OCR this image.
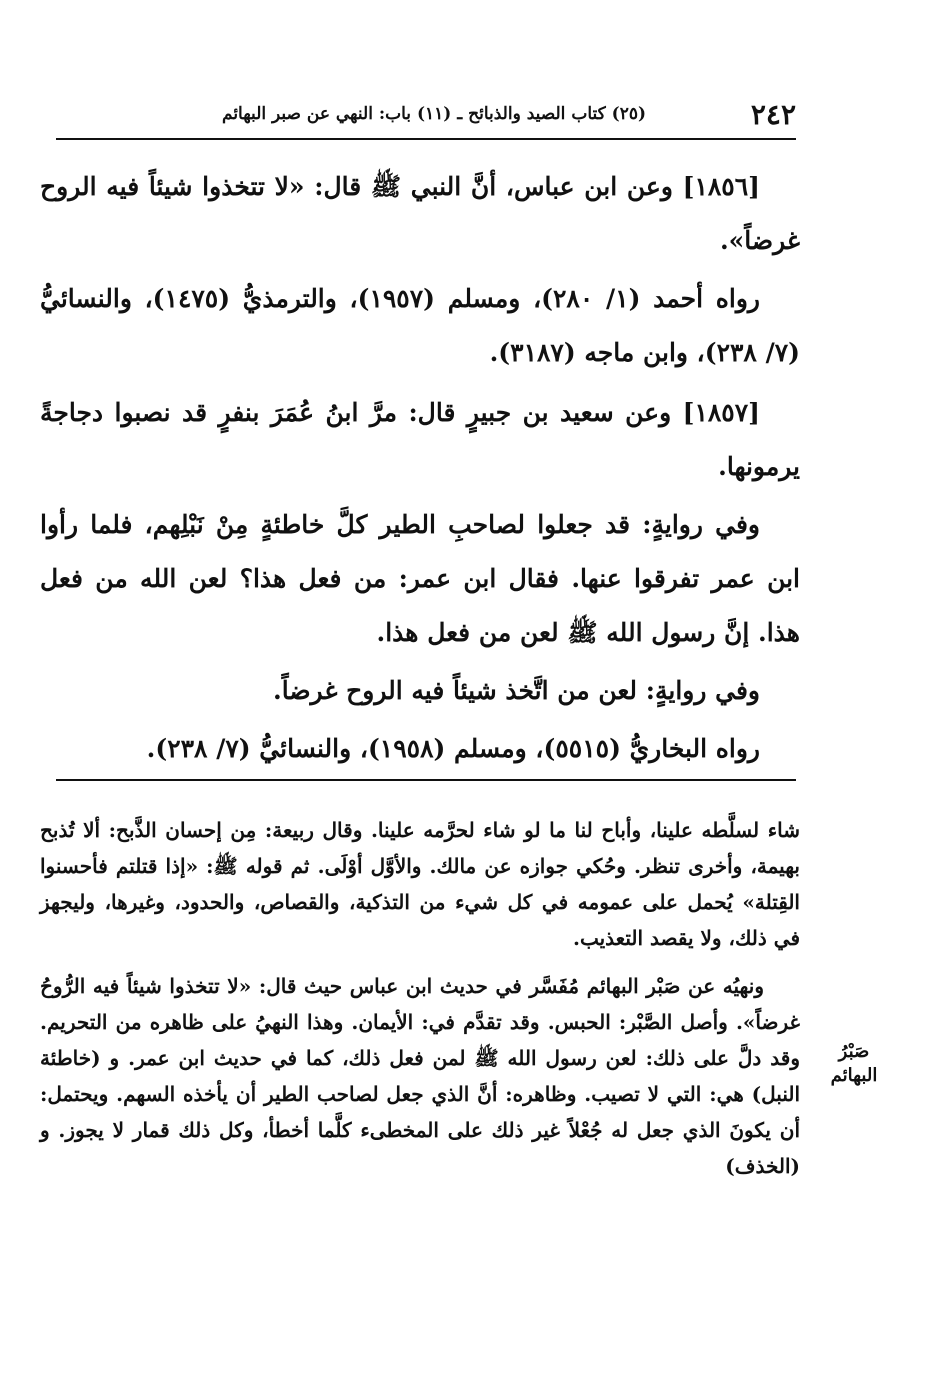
٢٤٢
(٢٥) كتاب الصيد والذبائح ـ (١١) باب: النهي عن صبر البهائم

[١٨٥٦] وعن ابن عباس، أنَّ النبي ﷺ قال: «لا تتخذوا شيئاً فيه الروح غرضاً».

رواه أحمد (١/ ٢٨٠)، ومسلم (١٩٥٧)، والترمذيُّ (١٤٧٥)، والنسائيُّ (٧/ ٢٣٨)، وابن ماجه (٣١٨٧).

[١٨٥٧] وعن سعيد بن جبيرٍ قال: مرَّ ابنُ عُمَرَ بنفرٍ قد نصبوا دجاجةً يرمونها.

وفي روايةٍ: قد جعلوا لصاحبِ الطير كلَّ خاطئةٍ مِنْ نَبْلِهم، فلما رأوا ابن عمر تفرقوا عنها. فقال ابن عمر: من فعل هذا؟ لعن الله من فعل هذا. إنَّ رسول الله ﷺ لعن من فعل هذا.

وفي روايةٍ: لعن من اتَّخذ شيئاً فيه الروح غرضاً.

رواه البخاريُّ (٥٥١٥)، ومسلم (١٩٥٨)، والنسائيُّ (٧/ ٢٣٨).

شاء لسلَّطه علينا، وأباح لنا ما لو شاء لحرَّمه علينا. وقال ربيعة: مِن إحسان الذَّبح: ألا تُذبح بهيمة، وأخرى تنظر. وحُكي جوازه عن مالك. والأوَّل أوْلَى. ثم قوله ﷺ: «إذا قتلتم فأحسنوا القِتلة» يُحمل على عمومه في كل شيء من التذكية، والقصاص، والحدود، وغيرها، وليجهز في ذلك، ولا يقصد التعذيب.

ونهيُه عن صَبْر البهائم مُفَسَّر في حديث ابن عباس حيث قال: «لا تتخذوا شيئاً فيه الرُّوحُ غرضاً». وأصل الصَّبْر: الحبس. وقد تقدَّم في: الأيمان. وهذا النهيُ على ظاهره من التحريم. وقد دلَّ على ذلك: لعن رسول الله ﷺ لمن فعل ذلك، كما في حديث ابن عمر. و (خاطئة النبل) هي: التي لا تصيب. وظاهره: أنَّ الذي جعل لصاحب الطير أن يأخذه السهم. ويحتمل: أن يكونَ الذي جعل له جُعْلاً غير ذلك على المخطىء كلَّما أخطأ، وكل ذلك قمار لا يجوز. و (الخذف)

صَبْرُ
البهائم
